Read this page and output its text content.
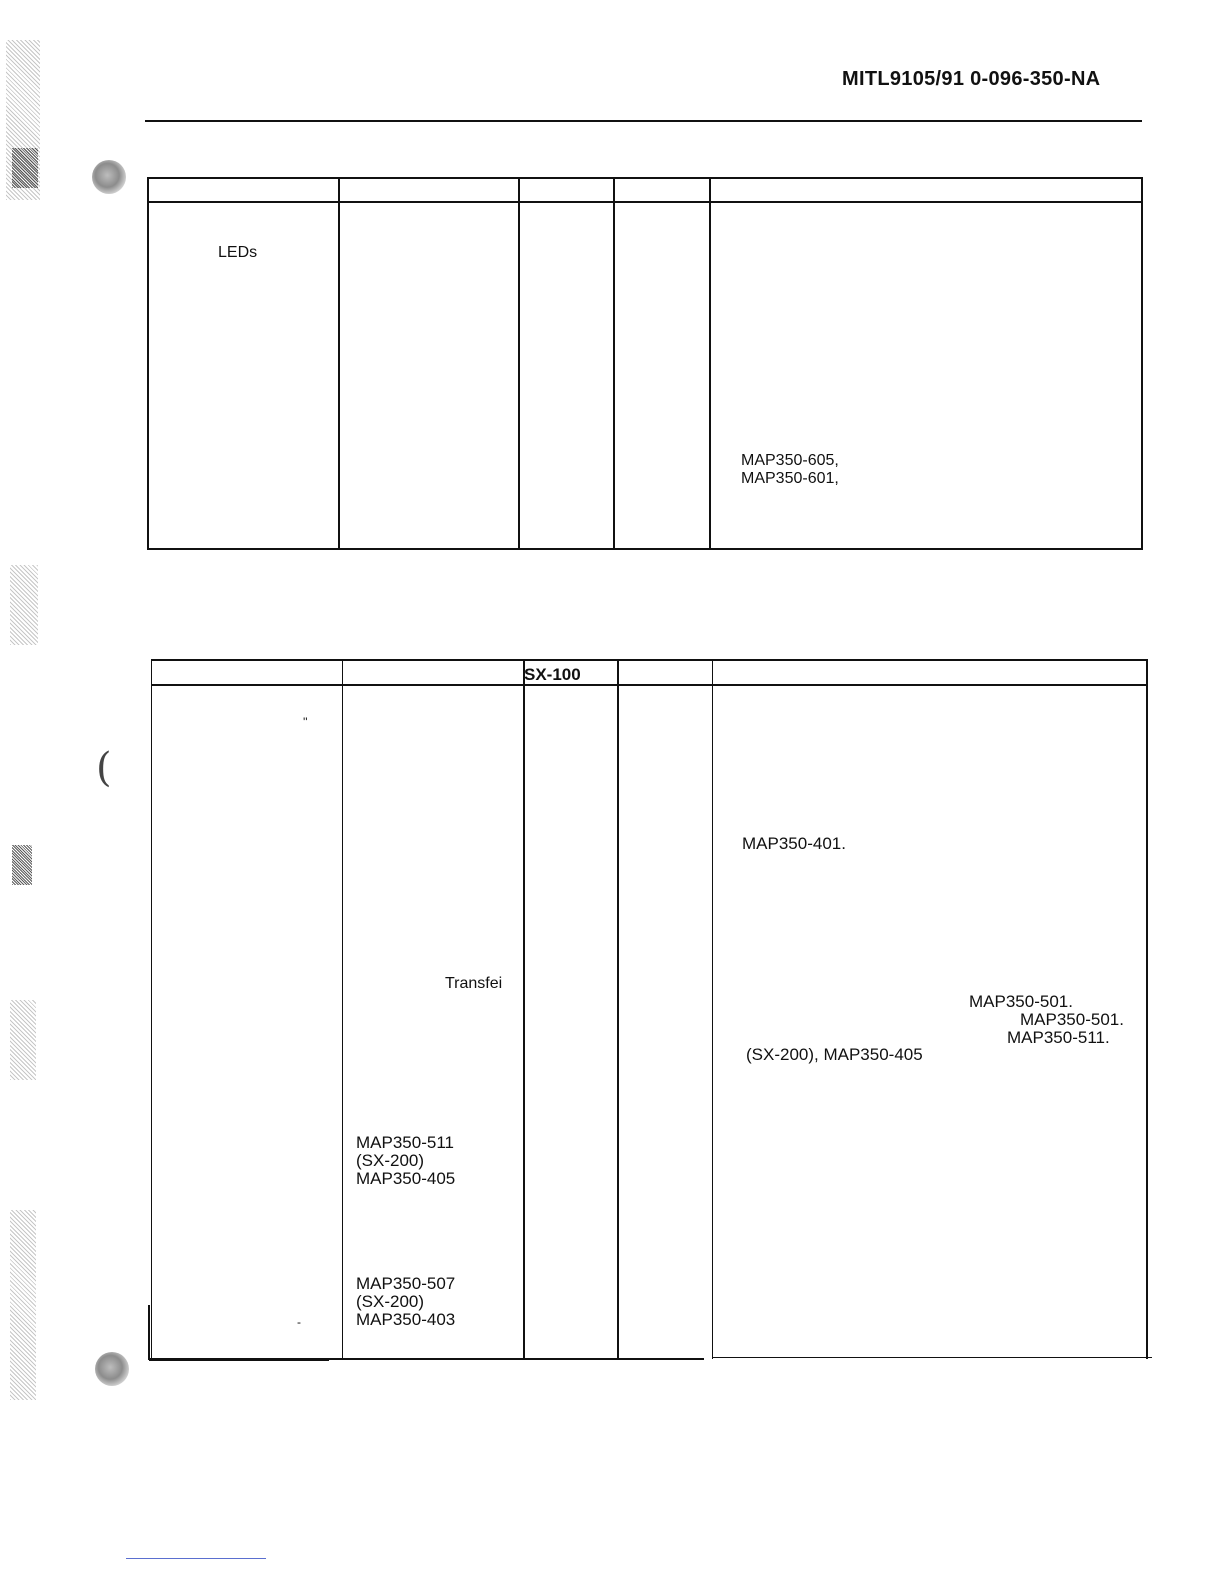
(
MITL9105/91 0-096-350-NA
LEDs
MAP350-605,
MAP350-601,
SX-100
''
Transfei
MAP350-511
(SX-200)
MAP350-405
MAP350-507
(SX-200)
MAP350-403
MAP350-401.
MAP350-501.
MAP350-501.
MAP350-511.
(SX-200), MAP350-405
-
